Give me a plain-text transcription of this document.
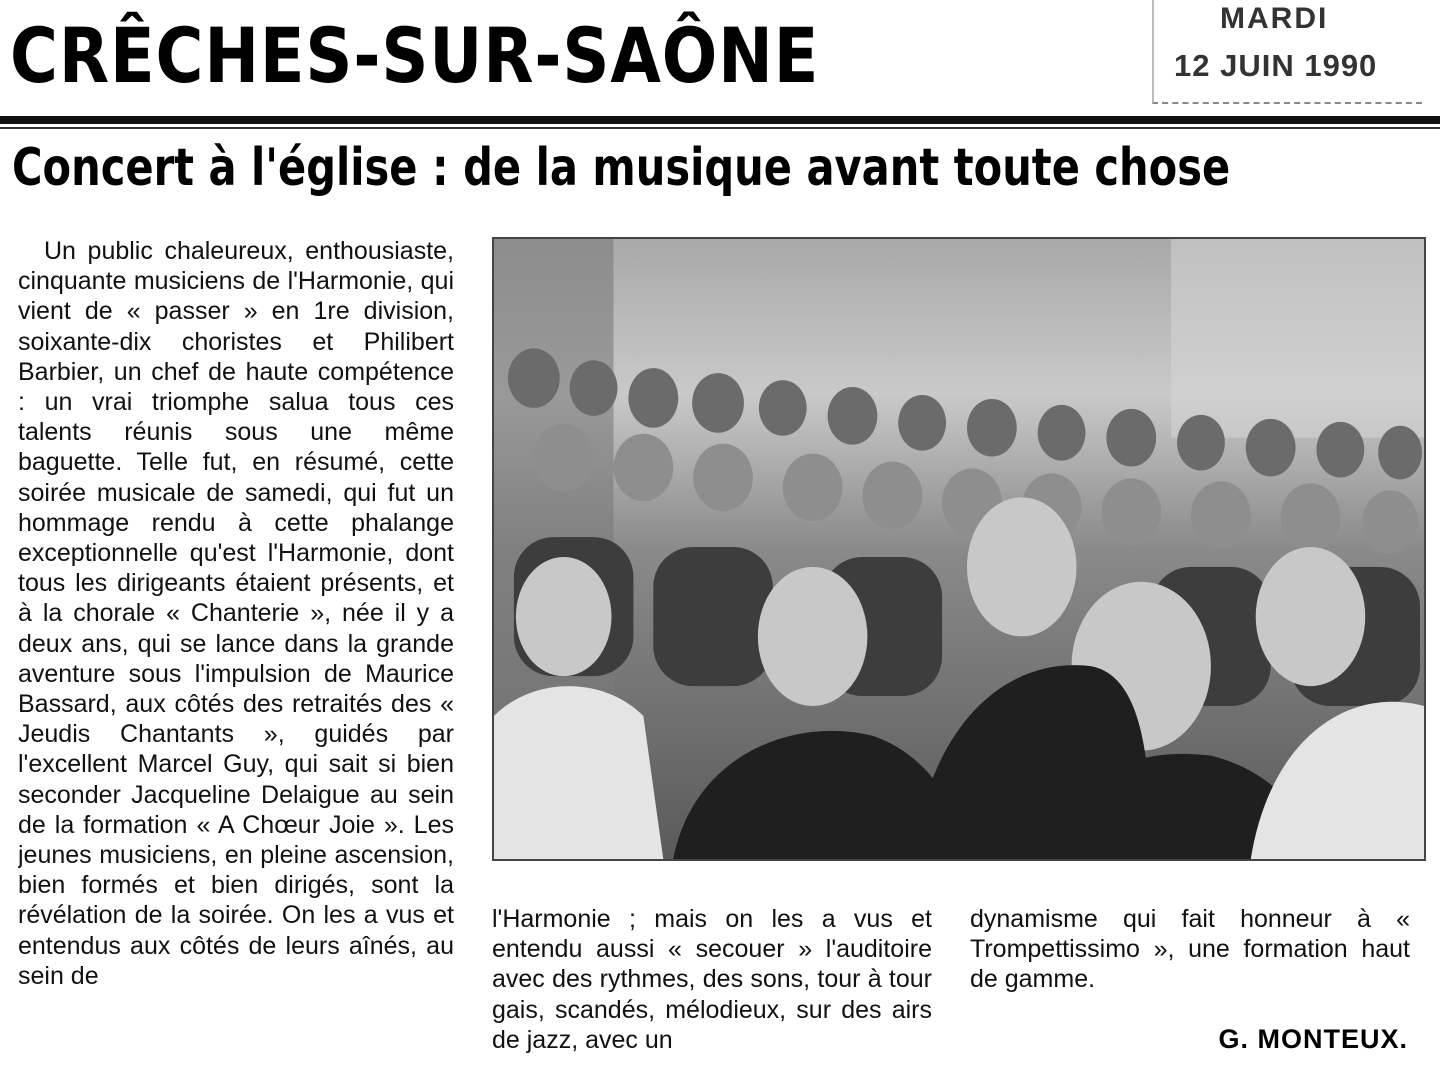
CRÊCHES-SUR-SAÔNE	MARDI
12 JUIN 1990
Concert à l'église : de la musique avant toute chose
Un public chaleureux, enthousiaste, cinquante musiciens de l'Harmonie, qui vient de « passer » en 1re division, soixante-dix choristes et Philibert Barbier, un chef de haute compétence : un vrai triomphe salua tous ces talents réunis sous une même baguette. Telle fut, en résumé, cette soirée musicale de samedi, qui fut un hommage rendu à cette phalange exceptionnelle qu'est l'Harmonie, dont tous les dirigeants étaient présents, et à la chorale « Chanterie », née il y a deux ans, qui se lance dans la grande aventure sous l'impulsion de Maurice Bassard, aux côtés des retraités des « Jeudis Chantants », guidés par l'excellent Marcel Guy, qui sait si bien seconder Jacqueline Delaigue au sein de la formation « A Chœur Joie ». Les jeunes musiciens, en pleine ascension, bien formés et bien dirigés, sont la révélation de la soirée. On les a vus et entendus aux côtés de leurs aînés, au sein de
l'Harmonie ; mais on les a vus et entendu aussi « secouer » l'auditoire avec des rythmes, des sons, tour à tour gais, scandés, mélodieux, sur des airs de jazz, avec un
dynamisme qui fait honneur à « Trompettissimo », une formation haut de gamme.
G. MONTEUX.
